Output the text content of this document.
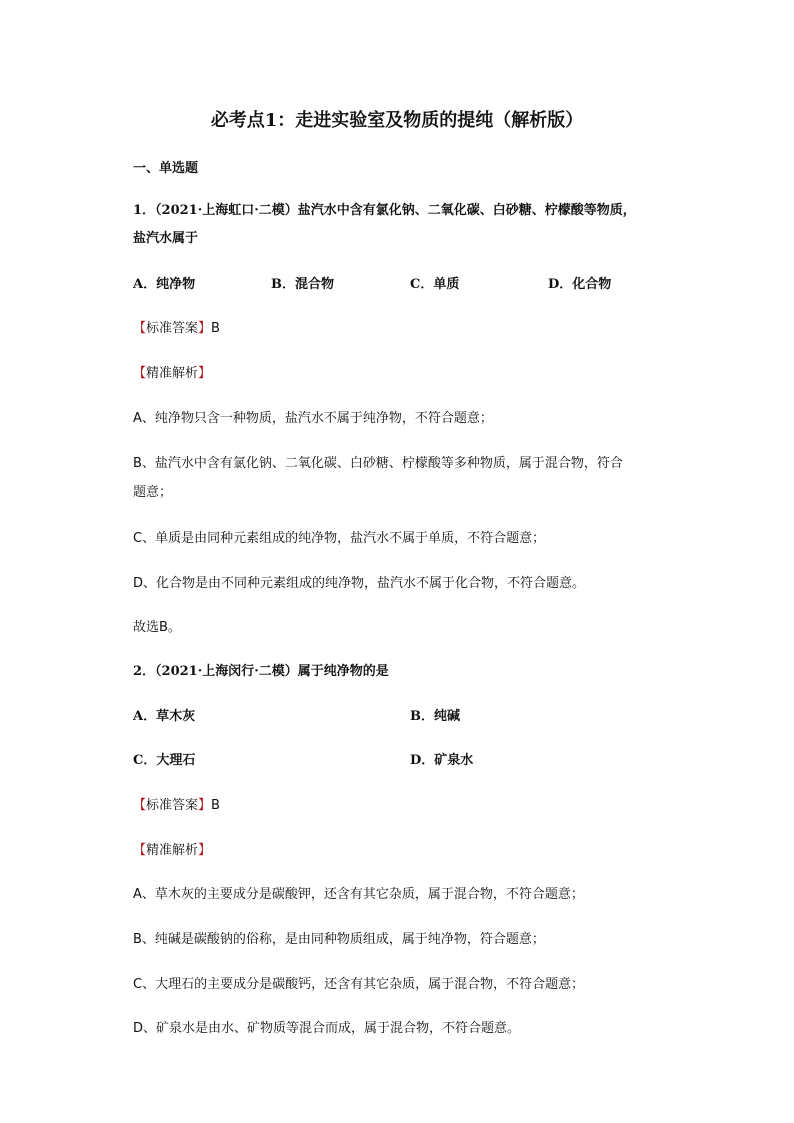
必考点1：走进实验室及物质的提纯（解析版）
一、单选题
1．（2021·上海虹口·二模）盐汽水中含有氯化钠、二氧化碳、白砂糖、柠檬酸等物质，
盐汽水属于
A．纯净物	B．混合物	C．单质	D．化合物
【标准答案】B
【精准解析】
A、纯净物只含一种物质，盐汽水不属于纯净物，不符合题意；
B、盐汽水中含有氯化钠、二氧化碳、白砂糖、柠檬酸等多种物质，属于混合物，符合
题意；
C、单质是由同种元素组成的纯净物，盐汽水不属于单质，不符合题意；
D、化合物是由不同种元素组成的纯净物，盐汽水不属于化合物，不符合题意。
故选B。
2．（2021·上海闵行·二模）属于纯净物的是
A．草木灰	B．纯碱
C．大理石	D．矿泉水
【标准答案】B
【精准解析】
A、草木灰的主要成分是碳酸钾，还含有其它杂质，属于混合物，不符合题意；
B、纯碱是碳酸钠的俗称，是由同种物质组成，属于纯净物，符合题意；
C、大理石的主要成分是碳酸钙，还含有其它杂质，属于混合物，不符合题意；
D、矿泉水是由水、矿物质等混合而成，属于混合物，不符合题意。
